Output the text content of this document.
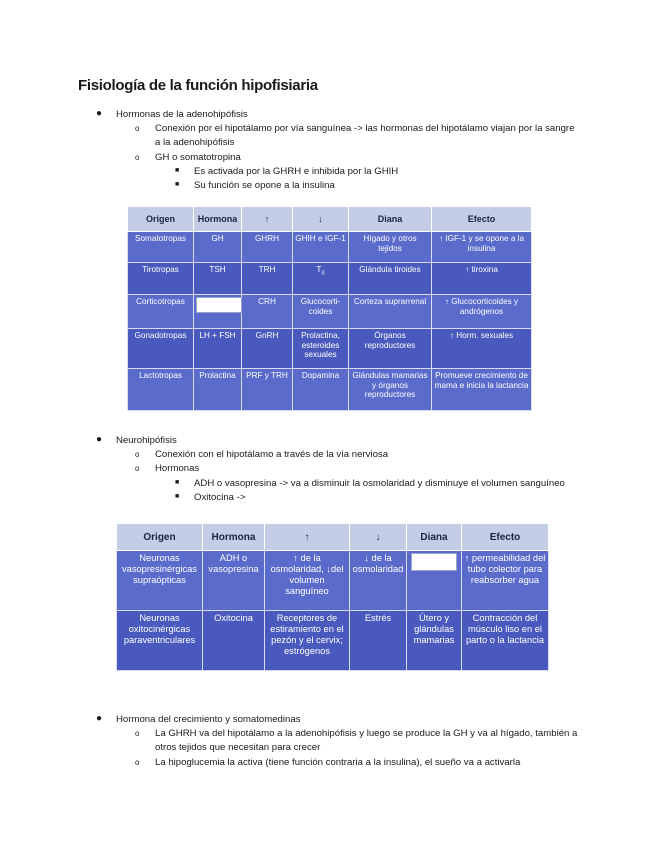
Fisiología de la función hipofisiaria
● Hormonas de la adenohipófisis
o Conexión por el hipotálamo por vía sanguínea -> las hormonas del hipotálamo viajan por la sangre
a la adenohipófisis
o GH o somatotropina
■ Es activada por la GHRH e inhibida por la GHIH
■ Su función se opone a la insulina
Origen	Hormona	↑	↓	Diana	Efecto
Somatotropas	GH	GHRH	GHIH e IGF-1	Hígado y otros tejidos	↑ IGF-1 y se opone a la insulina
Tirotropas	TSH	TRH	$T_3$	Glándula tiroides	↑ tiroxina
Corticotropas		CRH	Glucocorti-coides	Corteza suprarrenal	↑ Glucocorticoides y andrógenos
Gonadotropas	LH + FSH	GnRH	Prolactina, esteroides sexuales	Órganos reproductores	↑ Horm. sexuales
Lactotropas	Prolactina	PRF y TRH	Dopamina	Glándulas mamarias y órganos reproductores	Promueve crecimiento de mama e inicia la lactancia
● Neurohipófisis
o Conexión con el hipotálamo a través de la vía nerviosa
o Hormonas
■ ADH o vasopresina -> va a disminuir la osmolaridad y disminuye el volumen sanguíneo
■ Oxitocina ->
Origen	Hormona	↑	↓	Diana	Efecto
Neuronas vasopresinérgicas supraópticas	ADH o vasopresina	↑ de la osmolaridad, ↓del volumen sanguíneo	↓ de la osmolaridad		↑ permeabilidad del tubo colector para reabsorber agua
Neuronas oxitocinérgicas paraventriculares	Oxitocina	Receptores de estiramiento en el pezón y el cervix; estrógenos	Estrés	Útero y glándulas mamarias	Contracción del músculo liso en el parto o la lactancia
● Hormona del crecimiento y somatomedinas
o La GHRH va del hipotálamo a la adenohipófisis y luego se produce la GH y va al hígado, también a
otros tejidos que necesitan para crecer
o La hipoglucemia la activa (tiene función contraria a la insulina), el sueño va a activarla
